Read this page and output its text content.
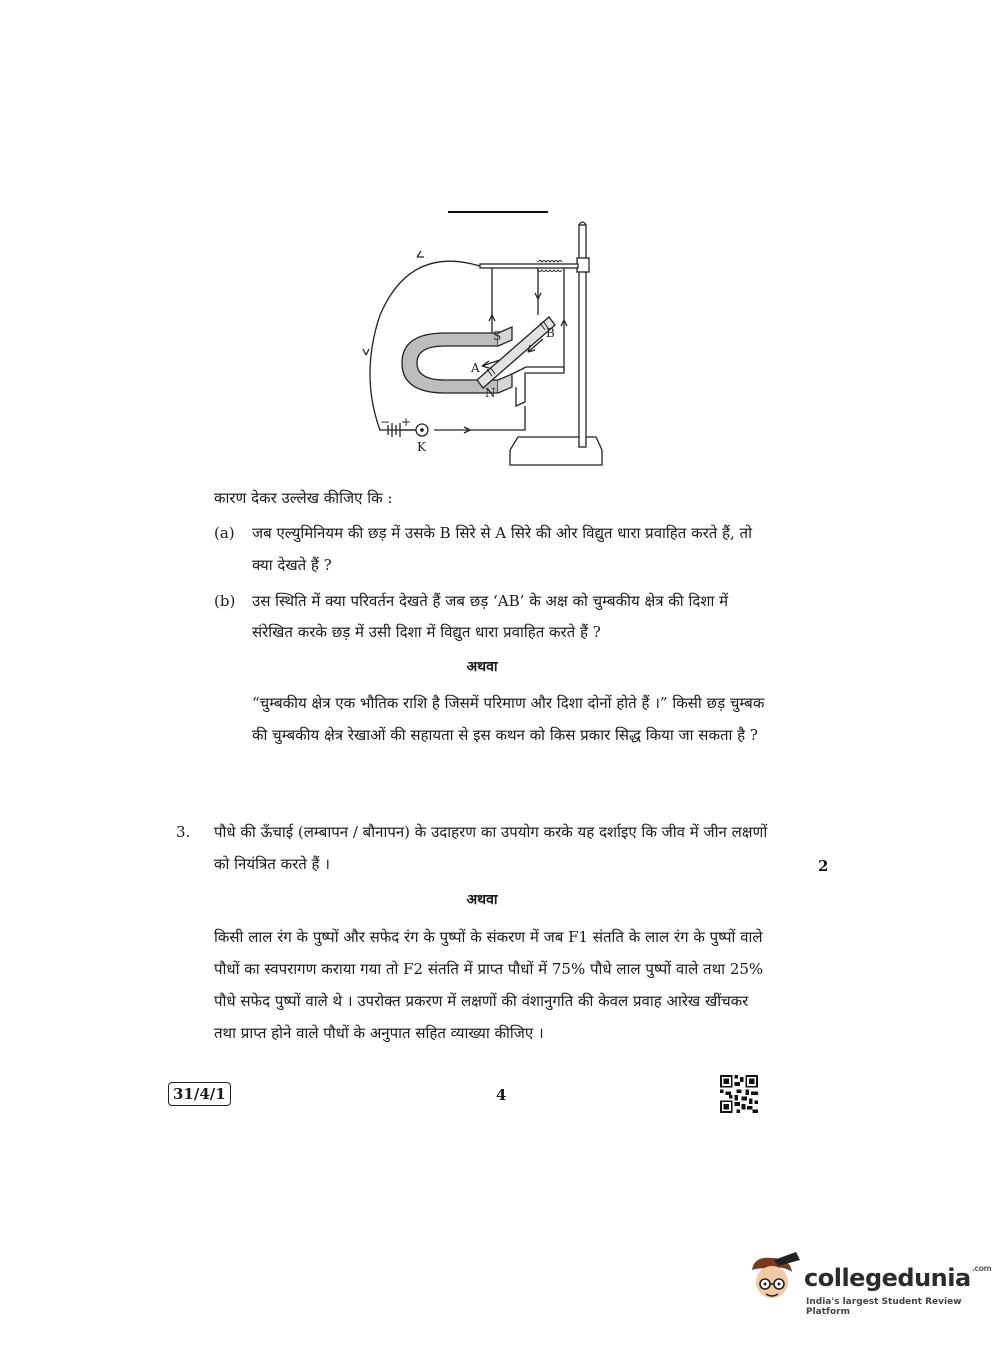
S
N
A
B
K
− +
कारण देकर उल्लेख कीजिए कि :
(a) जब एल्युमिनियम की छड़ में उसके B सिरे से A सिरे की ओर विद्युत धारा प्रवाहित करते हैं, तो
क्या देखते हैं ?
(b) उस स्थिति में क्या परिवर्तन देखते हैं जब छड़ ‘AB’ के अक्ष को चुम्बकीय क्षेत्र की दिशा में
संरेखित करके छड़ में उसी दिशा में विद्युत धारा प्रवाहित करते हैं ?
अथवा
“चुम्बकीय क्षेत्र एक भौतिक राशि है जिसमें परिमाण और दिशा दोनों होते हैं ।” किसी छड़ चुम्बक
की चुम्बकीय क्षेत्र रेखाओं की सहायता से इस कथन को किस प्रकार सिद्ध किया जा सकता है ?
3. पौधे की ऊँचाई (लम्बापन / बौनापन) के उदाहरण का उपयोग करके यह दर्शाइए कि जीव में जीन लक्षणों
को नियंत्रित करते हैं ।	2
अथवा
किसी लाल रंग के पुष्पों और सफेद रंग के पुष्पों के संकरण में जब F1 संतति के लाल रंग के पुष्पों वाले
पौधों का स्वपरागण कराया गया तो F2 संतति में प्राप्त पौधों में 75% पौधे लाल पुष्पों वाले तथा 25%
पौधे सफेद पुष्पों वाले थे । उपरोक्त प्रकरण में लक्षणों की वंशानुगति की केवल प्रवाह आरेख खींचकर
तथा प्राप्त होने वाले पौधों के अनुपात सहित व्याख्या कीजिए ।
31/4/1	4
collegedunia$^{.com}$
India's largest Student Review Platform
